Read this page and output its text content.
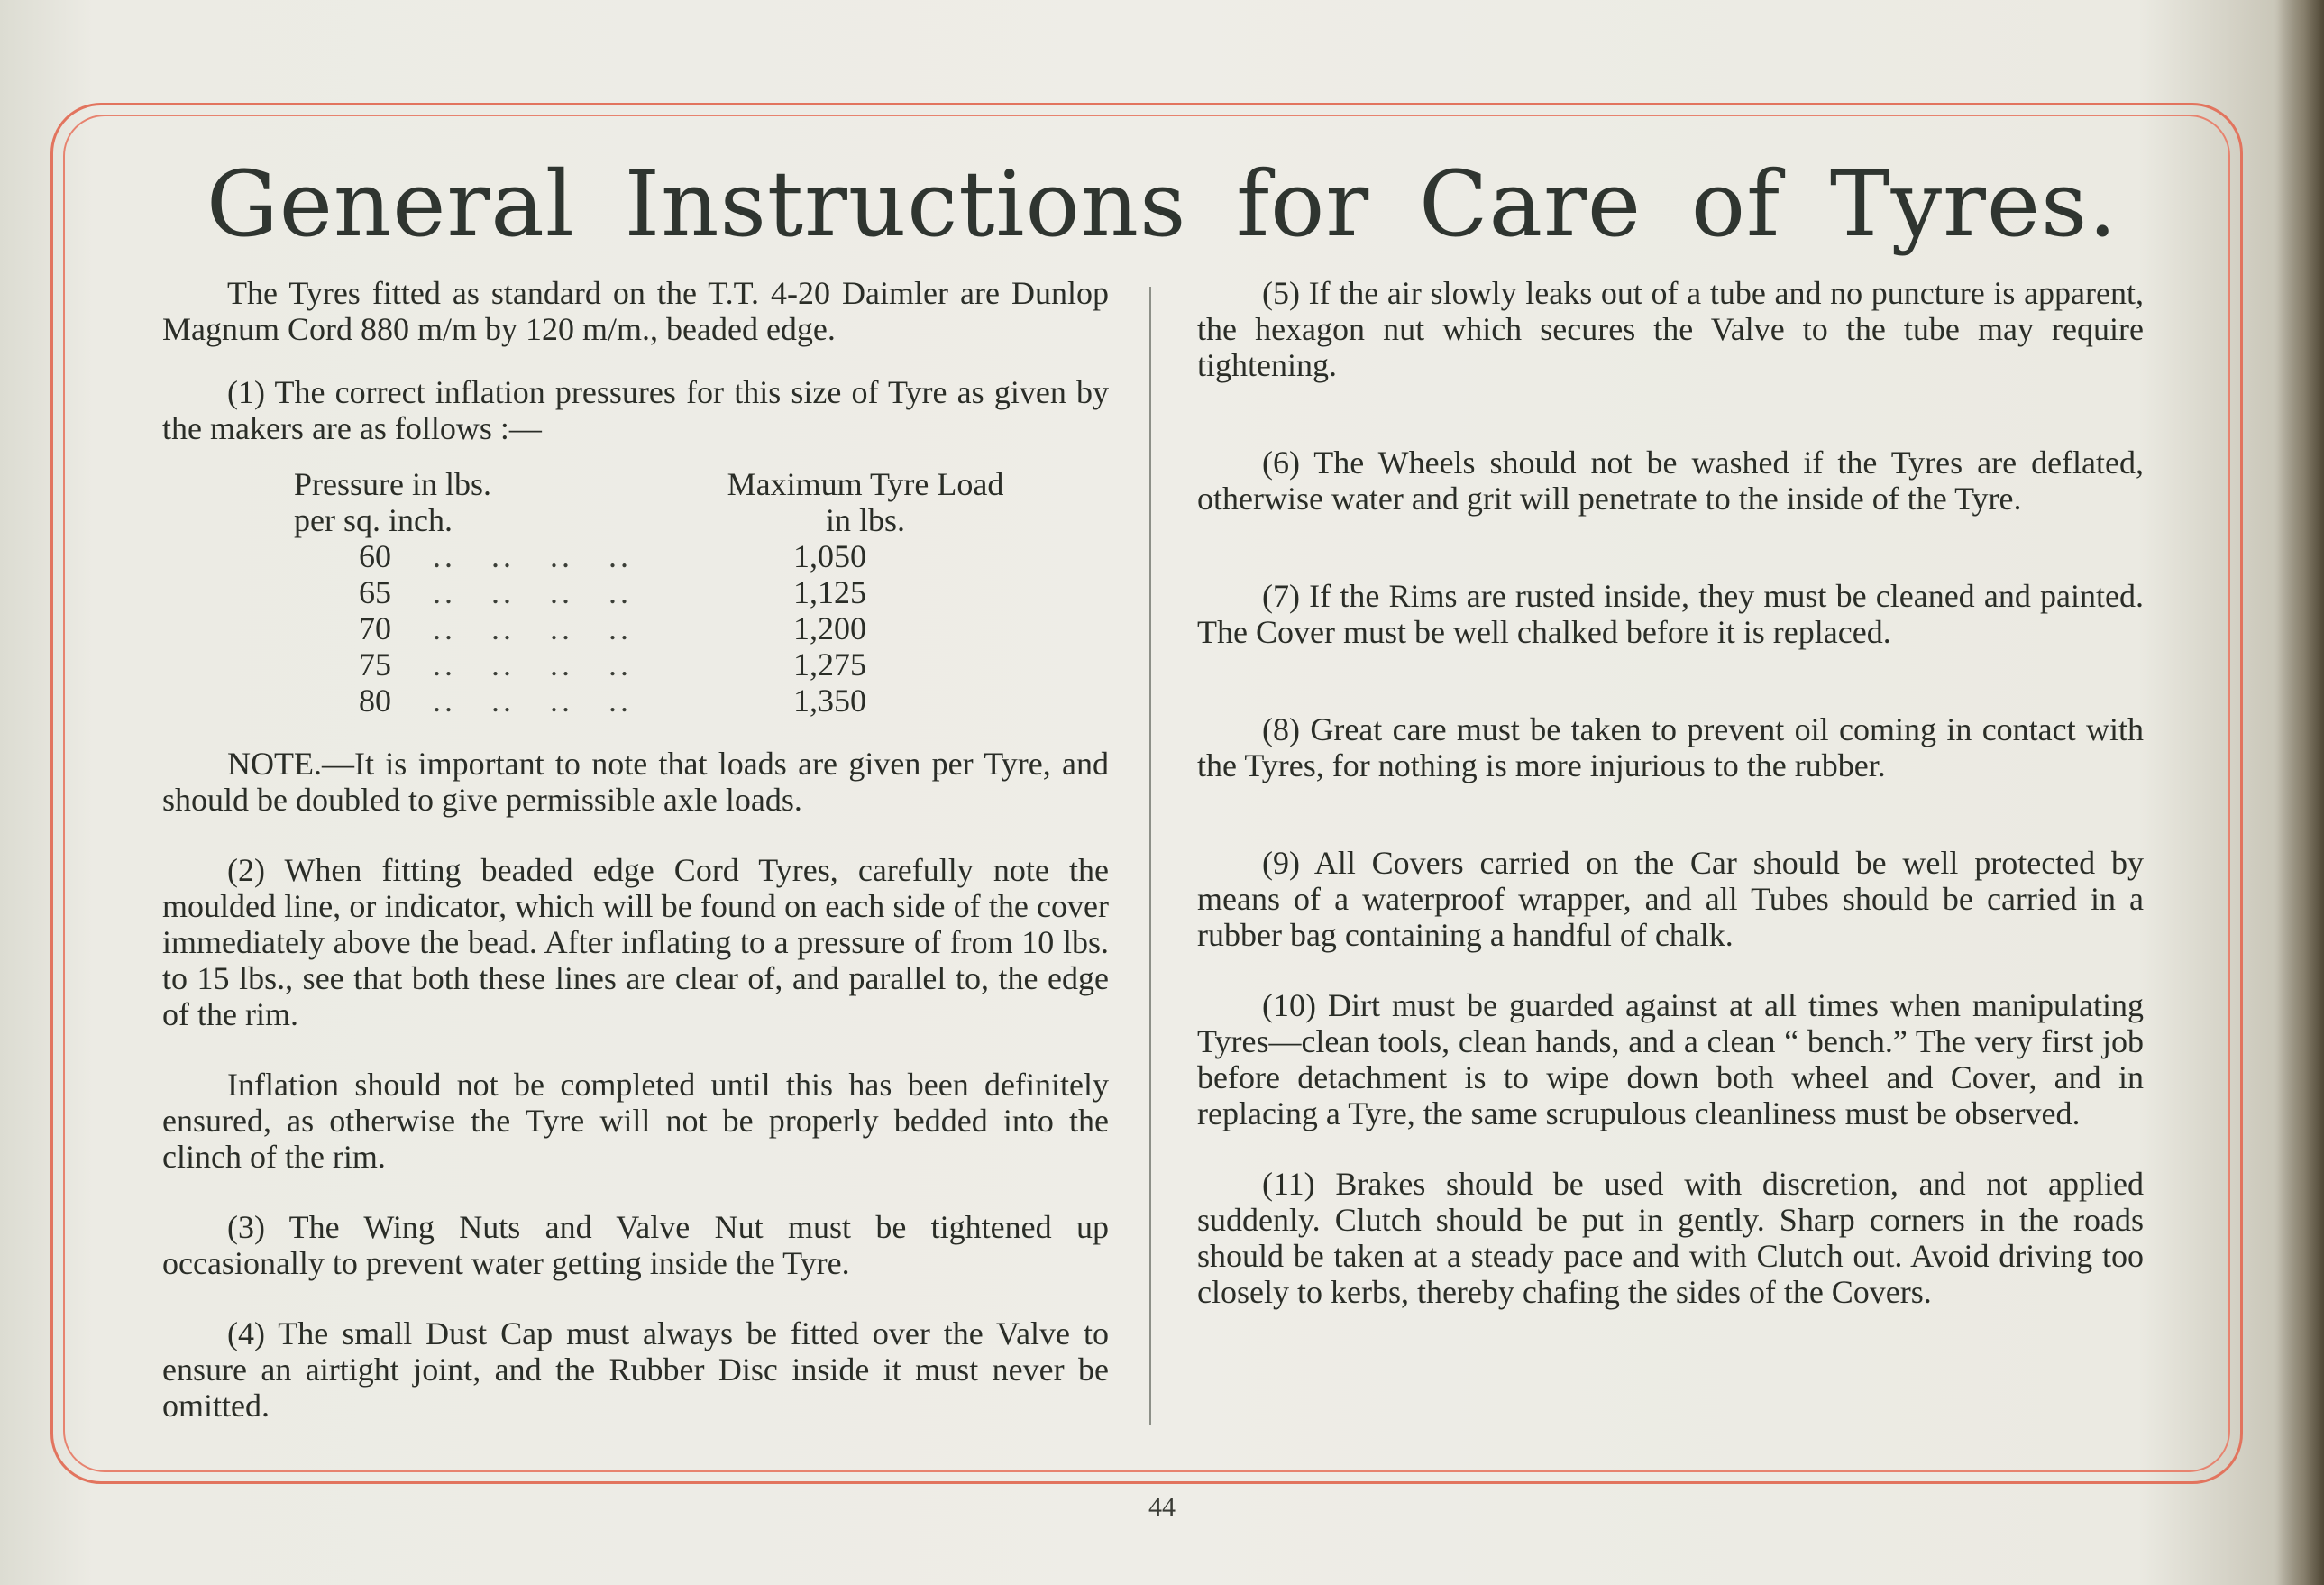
General Instructions for Care of Tyres.

The Tyres fitted as standard on the T.T. 4-20 Daimler are Dunlop Magnum Cord 880 m/m by 120 m/m., beaded edge.

(1) The correct inflation pressures for this size of Tyre as given by the makers are as follows :—

Pressure in lbs.
per sq. inch.
Maximum Tyre Load
in lbs.
60	..   ..   ..   ..	1,050
65	..   ..   ..   ..	1,125
70	..   ..   ..   ..	1,200
75	..   ..   ..   ..	1,275
80	..   ..   ..   ..	1,350

NOTE.—It is important to note that loads are given per Tyre, and should be doubled to give permissible axle loads.

(2) When fitting beaded edge Cord Tyres, carefully note the moulded line, or indicator, which will be found on each side of the cover immediately above the bead. After inflating to a pressure of from 10 lbs. to 15 lbs., see that both these lines are clear of, and parallel to, the edge of the rim.

Inflation should not be completed until this has been definitely ensured, as otherwise the Tyre will not be properly bedded into the clinch of the rim.

(3) The Wing Nuts and Valve Nut must be tightened up occasionally to prevent water getting inside the Tyre.

(4) The small Dust Cap must always be fitted over the Valve to ensure an airtight joint, and the Rubber Disc inside it must never be omitted.

(5) If the air slowly leaks out of a tube and no puncture is apparent, the hexagon nut which secures the Valve to the tube may require tightening.

(6) The Wheels should not be washed if the Tyres are deflated, otherwise water and grit will penetrate to the inside of the Tyre.

(7) If the Rims are rusted inside, they must be cleaned and painted. The Cover must be well chalked before it is replaced.

(8) Great care must be taken to prevent oil coming in contact with the Tyres, for nothing is more injurious to the rubber.

(9) All Covers carried on the Car should be well protected by means of a waterproof wrapper, and all Tubes should be carried in a rubber bag containing a handful of chalk.

(10) Dirt must be guarded against at all times when manipulating Tyres—clean tools, clean hands, and a clean “ bench.” The very first job before detachment is to wipe down both wheel and Cover, and in replacing a Tyre, the same scrupulous cleanliness must be observed.

(11) Brakes should be used with discretion, and not applied suddenly. Clutch should be put in gently. Sharp corners in the roads should be taken at a steady pace and with Clutch out. Avoid driving too closely to kerbs, thereby chafing the sides of the Covers.

44
